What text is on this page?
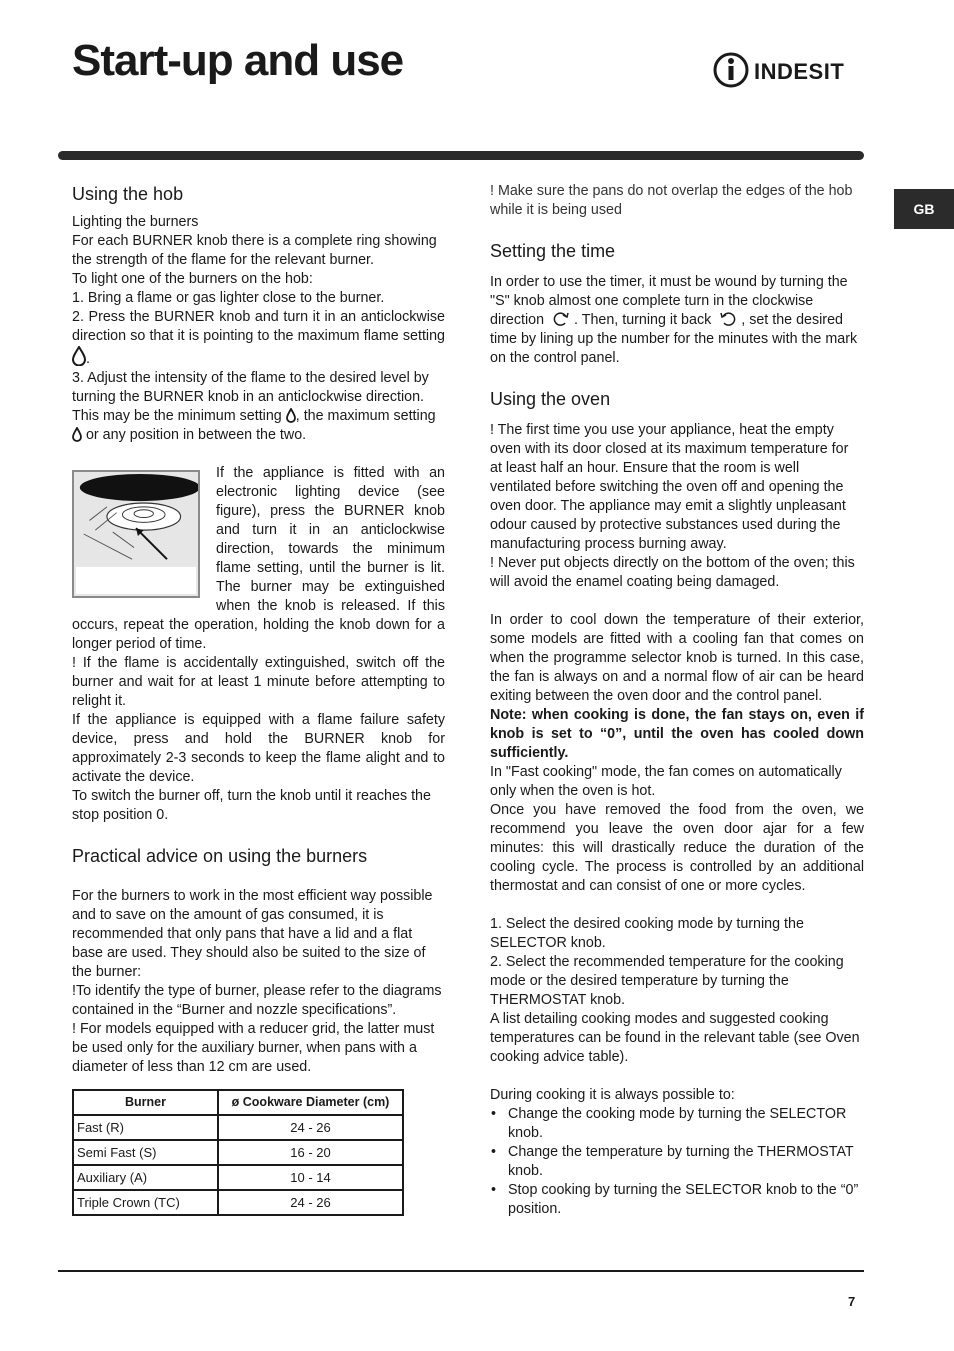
Start-up and use	INDESIT
GB
Using the hob

Lighting the burners

For each BURNER knob there is a complete ring showing the strength of the flame for the relevant burner.

To light one of the burners on the hob:

1. Bring a flame or gas lighter close to the burner.

2. Press the BURNER knob and turn it in an anticlockwise direction so that it is pointing to the maximum flame setting .

3. Adjust the intensity of the flame to the desired level by turning the BURNER knob in an anticlockwise direction. This may be the minimum setting , the maximum setting  or any position in between the two.

If the appliance is fitted with an electronic lighting device (see figure), press the BURNER knob and turn it in an anticlockwise direction, towards the minimum flame setting, until the burner is lit. The burner may be extinguished when the knob is released. If this occurs, repeat the operation, holding the knob down for a longer period of time.

! If the flame is accidentally extinguished, switch off the burner and wait for at least 1 minute before attempting to relight it.

If the appliance is equipped with a flame failure safety device, press and hold the BURNER knob for approximately 2-3 seconds to keep the flame alight and to activate the device.

To switch the burner off, turn the knob until it reaches the stop position 0.

Practical advice on using the burners

For the burners to work in the most efficient way possible and to save on the amount of gas consumed, it is recommended that only pans that have a lid and a flat base are used. They should also be suited to the size of the burner:

!To identify the type of burner, please refer to the diagrams contained in the “Burner and nozzle specifications”.

! For models equipped with a reducer grid, the latter must be used only for the auxiliary burner, when pans with a diameter of less than 12 cm are used.

Burner	ø Cookware Diameter (cm)
Fast (R)	24 - 26
Semi Fast (S)	16 - 20
Auxiliary (A)	10 - 14
Triple Crown (TC)	24 - 26

! Make sure the pans do not overlap the edges of the hob while it is being used

Setting the time

In order to use the timer, it must be wound by turning the "S" knob almost one complete turn in the clockwise direction . Then, turning it back , set the desired time by lining up the number for the minutes with the mark on the control panel.

Using the oven

! The first time you use your appliance, heat the empty oven with its door closed at its maximum temperature for at least half an hour. Ensure that the room is well ventilated before switching the oven off and opening the oven door. The appliance may emit a slightly unpleasant odour caused by protective substances used during the manufacturing process burning away.

! Never put objects directly on the bottom of the oven; this will avoid the enamel coating being damaged.

In order to cool down the temperature of their exterior, some models are fitted with a cooling fan that comes on when the programme selector knob is turned. In this case, the fan is always on and a normal flow of air can be heard exiting between the oven door and the control panel.

Note: when cooking is done, the fan stays on, even if knob is set to “0”, until the oven has cooled down sufficiently.

In "Fast cooking" mode, the fan comes on automatically only when the oven is hot.

Once you have removed the food from the oven, we recommend you leave the oven door ajar for a few minutes: this will drastically reduce the duration of the cooling cycle. The process is controlled by an additional thermostat and can consist of one or more cycles.

1. Select the desired cooking mode by turning the SELECTOR knob.

2. Select the recommended temperature for the cooking mode or the desired temperature by turning the THERMOSTAT knob.

A list detailing cooking modes and suggested cooking temperatures can be found in the relevant table (see Oven cooking advice table).

During cooking it is always possible to:

• Change the cooking mode by turning the SELECTOR knob.
• Change the temperature by turning the THERMOSTAT knob.
• Stop cooking by turning the SELECTOR knob to the “0” position.
7
